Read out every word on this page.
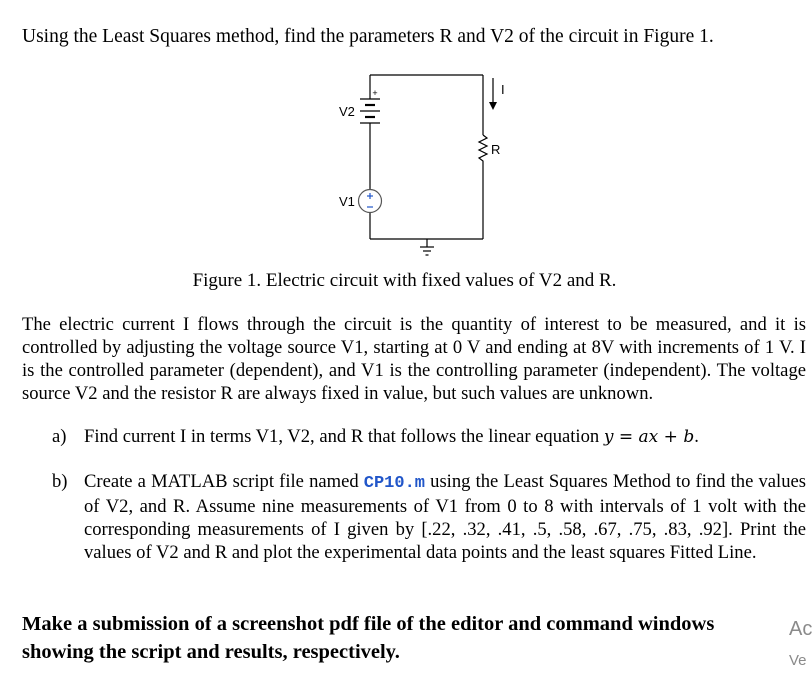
Using the Least Squares method, find the parameters R and V2 of the circuit in Figure 1.
+
V2
V1
I
R
Figure 1. Electric circuit with fixed values of V2 and R.

The electric current I flows through the circuit is the quantity of interest to be measured, and it is controlled by adjusting the voltage source V1, starting at 0 V and ending at 8V with increments of 1 V. I is the controlled parameter (dependent), and V1 is the controlling parameter (independent). The voltage source V2 and the resistor R are always fixed in value, but such values are unknown.

a) Find current I in terms V1, V2, and R that follows the linear equation y = ax + b.
b) Create a MATLAB script file named CP10.m using the Least Squares Method to find the values of V2, and R. Assume nine measurements of V1 from 0 to 8 with intervals of 1 volt with the corresponding measurements of I given by [.22, .32, .41, .5, .58, .67, .75, .83, .92]. Print the values of V2 and R and plot the experimental data points and the least squares Fitted Line.
Make a submission of a screenshot pdf file of the editor and command windows showing the script and results, respectively.
Ac
Ve
